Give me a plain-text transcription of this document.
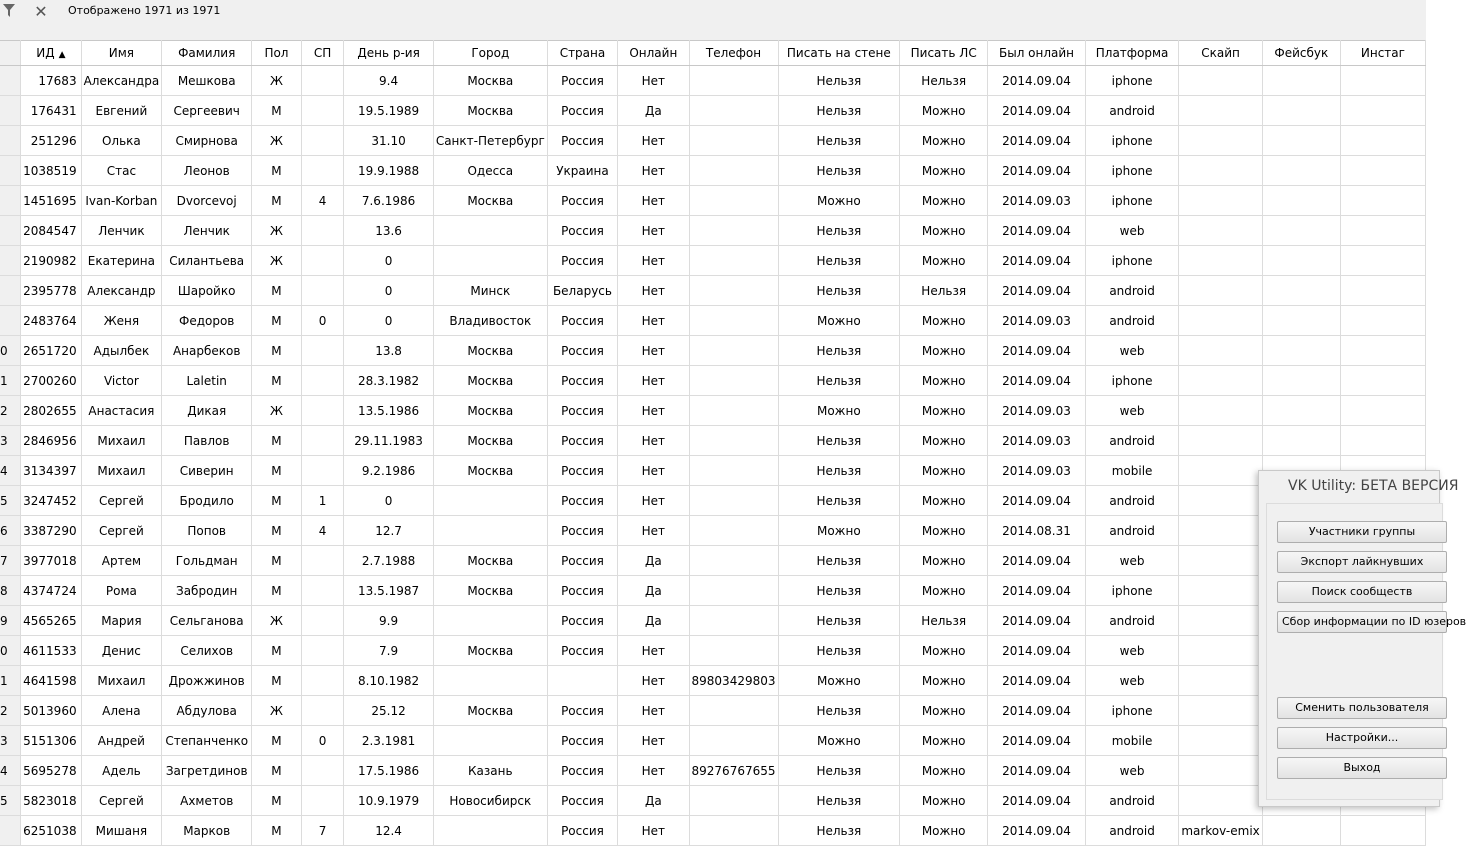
✕ Отображено 1971 из 1971
	ИД ▲	Имя	Фамилия	Пол	СП	День р-ия	Город	Страна	Онлайн	Телефон	Писать на стене	Писать ЛС	Был онлайн	Платформа	Скайп	Фейсбук	Инстаг
	17683	Александра	Мешкова	Ж		9.4	Москва	Россия	Нет		Нельзя	Нельзя	2014.09.04	iphone			
	176431	Евгений	Сергеевич	М		19.5.1989	Москва	Россия	Да		Нельзя	Можно	2014.09.04	android			
	251296	Олька	Смирнова	Ж		31.10	Санкт-Петербург	Россия	Нет		Нельзя	Можно	2014.09.04	iphone			
	1038519	Стас	Леонов	М		19.9.1988	Одесса	Украина	Нет		Нельзя	Можно	2014.09.04	iphone			
	1451695	Ivan-Korban	Dvorcevoj	М	4	7.6.1986	Москва	Россия	Нет		Можно	Можно	2014.09.03	iphone			
	2084547	Ленчик	Ленчик	Ж		13.6		Россия	Нет		Нельзя	Можно	2014.09.04	web			
	2190982	Екатерина	Силантьева	Ж		0		Россия	Нет		Нельзя	Можно	2014.09.04	iphone			
	2395778	Александр	Шаройко	М		0	Минск	Беларусь	Нет		Нельзя	Нельзя	2014.09.04	android			
	2483764	Женя	Федоров	М	0	0	Владивосток	Россия	Нет		Можно	Можно	2014.09.03	android			
0	2651720	Адылбек	Анарбеков	М		13.8	Москва	Россия	Нет		Нельзя	Можно	2014.09.04	web			
1	2700260	Victor	Laletin	М		28.3.1982	Москва	Россия	Нет		Нельзя	Можно	2014.09.04	iphone			
2	2802655	Анастасия	Дикая	Ж		13.5.1986	Москва	Россия	Нет		Можно	Можно	2014.09.03	web			
3	2846956	Михаил	Павлов	М		29.11.1983	Москва	Россия	Нет		Нельзя	Можно	2014.09.03	android			
4	3134397	Михаил	Сиверин	М		9.2.1986	Москва	Россия	Нет		Нельзя	Можно	2014.09.03	mobile			
5	3247452	Сергей	Бродило	М	1	0		Россия	Нет		Нельзя	Можно	2014.09.04	android			
6	3387290	Сергей	Попов	М	4	12.7		Россия	Нет		Можно	Можно	2014.08.31	android			
7	3977018	Артем	Гольдман	М		2.7.1988	Москва	Россия	Да		Нельзя	Можно	2014.09.04	web			
8	4374724	Рома	Забродин	М		13.5.1987	Москва	Россия	Да		Нельзя	Можно	2014.09.04	iphone			
9	4565265	Мария	Сельганова	Ж		9.9		Россия	Да		Нельзя	Нельзя	2014.09.04	android			
0	4611533	Денис	Селихов	М		7.9	Москва	Россия	Нет		Нельзя	Можно	2014.09.04	web			
1	4641598	Михаил	Дрожжинов	М		8.10.1982			Нет	89803429803	Можно	Можно	2014.09.04	web			
2	5013960	Алена	Абдулова	Ж		25.12	Москва	Россия	Нет		Нельзя	Можно	2014.09.04	iphone			
3	5151306	Андрей	Степанченко	М	0	2.3.1981		Россия	Нет		Можно	Можно	2014.09.04	mobile			
4	5695278	Адель	Загретдинов	М		17.5.1986	Казань	Россия	Нет	89276767655	Нельзя	Можно	2014.09.04	web			
5	5823018	Сергей	Ахметов	М		10.9.1979	Новосибирск	Россия	Да		Нельзя	Можно	2014.09.04	android			
	6251038	Мишаня	Марков	М	7	12.4		Россия	Нет		Нельзя	Можно	2014.09.04	android	markov-emix		
VK Utility: БЕТА ВЕРСИЯ
Участники группы
Экспорт лайкнувших
Поиск сообществ
Сбор информации по ID юзеров
Сменить пользователя
Настройки...
Выход
